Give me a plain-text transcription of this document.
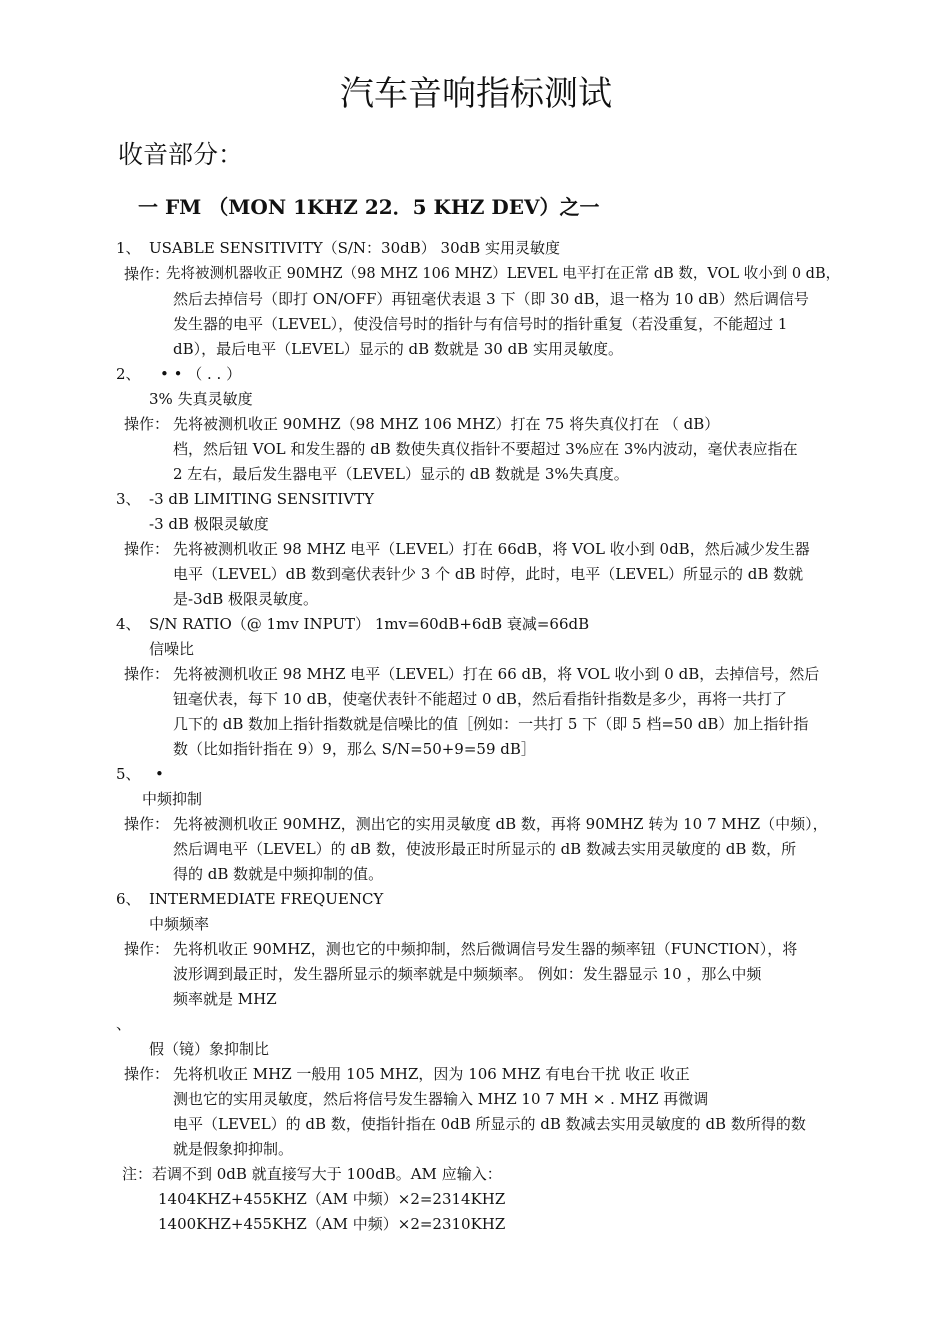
汽车音响指标测试
收音部分：
一 FM （MON 1KHZ 22．5 KHZ DEV）之一
1、 USABLE SENSITIVITY（S/N：30dB） 30dB 实用灵敏度
操作：
先将被测机器收正 90MHZ（98 MHZ 106 MHZ）LEVEL 电平打在正常 dB 数，VOL 收小到 0 dB，
然后去掉信号（即打 ON/OFF）再钮毫伏表退 3 下（即 30 dB，退一格为 10 dB）然后调信号
发生器的电平（LEVEL），使没信号时的指针与有信号时的指针重复（若没重复，不能超过 1
dB），最后电平（LEVEL）显示的 dB 数就是 30 dB 实用灵敏度。
2、 • • （ . . ）
3% 失真灵敏度
操作： 先将被测机收正 90MHZ（98 MHZ 106 MHZ）打在 75 将失真仪打在 （ dB）
档，然后钮 VOL 和发生器的 dB 数使失真仪指针不要超过 3%应在 3%内波动，毫伏表应指在
2 左右，最后发生器电平（LEVEL）显示的 dB 数就是 3%失真度。
3、 -3 dB LIMITING SENSITIVTY
-3 dB 极限灵敏度
操作： 先将被测机收正 98 MHZ 电平（LEVEL）打在 66dB，将 VOL 收小到 0dB，然后减少发生器
电平（LEVEL）dB 数到毫伏表针少 3 个 dB 时停，此时，电平（LEVEL）所显示的 dB 数就
是-3dB 极限灵敏度。
4、 S/N RATIO（@ 1mv INPUT） 1mv=60dB+6dB 衰减=66dB
信噪比
操作： 先将被测机收正 98 MHZ 电平（LEVEL）打在 66 dB，将 VOL 收小到 0 dB，去掉信号，然后
钮毫伏表，每下 10 dB，使毫伏表针不能超过 0 dB，然后看指针指数是多少，再将一共打了
几下的 dB 数加上指针指数就是信噪比的值［例如：一共打 5 下（即 5 档=50 dB）加上指针指
数（比如指针指在 9）9，那么 S/N=50+9=59 dB］
5、 •
中频抑制
操作： 先将被测机收正 90MHZ，测出它的实用灵敏度 dB 数，再将 90MHZ 转为 10 7 MHZ（中频），
然后调电平（LEVEL）的 dB 数，使波形最正时所显示的 dB 数减去实用灵敏度的 dB 数，所
得的 dB 数就是中频抑制的值。
6、 INTERMEDIATE FREQUENCY
中频频率
操作： 先将机收正 90MHZ，测也它的中频抑制，然后微调信号发生器的频率钮（FUNCTION），将
波形调到最正时，发生器所显示的频率就是中频频率。 例如：发生器显示 10 ，那么中频
频率就是 MHZ
、
假（镜）象抑制比
操作： 先将机收正 MHZ 一般用 105 MHZ，因为 106 MHZ 有电台干扰 收正 收正
测也它的实用灵敏度，然后将信号发生器输入 MHZ 10 7 MH × . MHZ 再微调
电平（LEVEL）的 dB 数，使指针指在 0dB 所显示的 dB 数减去实用灵敏度的 dB 数所得的数
就是假象抑抑制。
注：若调不到 0dB 就直接写大于 100dB。AM 应输入：
1404KHZ+455KHZ（AM 中频）×2=2314KHZ
1400KHZ+455KHZ（AM 中频）×2=2310KHZ
